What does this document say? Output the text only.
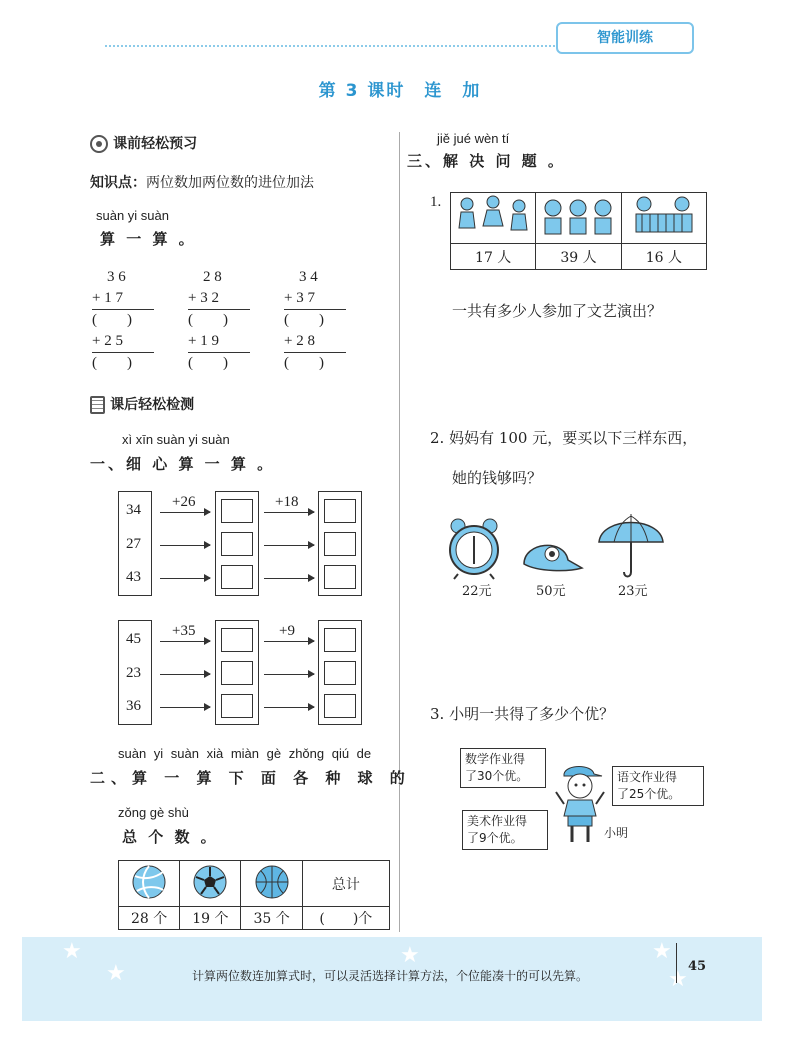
智能训练
第 3 课时　连　加
课前轻松预习
知识点：两位数加两位数的进位加法
suàn yi suàn
算 一 算 。
　3 6
+ 1 7
(　　)
+ 2 5
(　　)
　2 8
+ 3 2
(　　)
+ 1 9
(　　)
　3 4
+ 3 7
(　　)
+ 2 8
(　　)
课后轻松检测
xì xīn suàn yi suàn
一、细 心 算 一 算 。
34
27
43
+26	+18
45
23
36
+35	+9
suàn yi suàn xià miàn gè zhǒng qiú de
二、算 一 算 下 面 各 种 球 的
zǒng gè shù
总 个 数 。
			总计
28 个	19 个	35 个	(　　)个
jiě jué wèn tí
三、解 决 问 题 。
1.

17 人	39 人	16 人
一共有多少人参加了文艺演出？
2. 妈妈有 100 元，要买以下三样东西，
她的钱够吗？
22元	50元	23元
3. 小明一共得了多少个优？
数学作业得
了30个优。	语文作业得
了25个优。
美术作业得
了9个优。	小明
★
★
★	★
★
计算两位数连加算式时，可以灵活选择计算方法，个位能凑十的可以先算。
45
